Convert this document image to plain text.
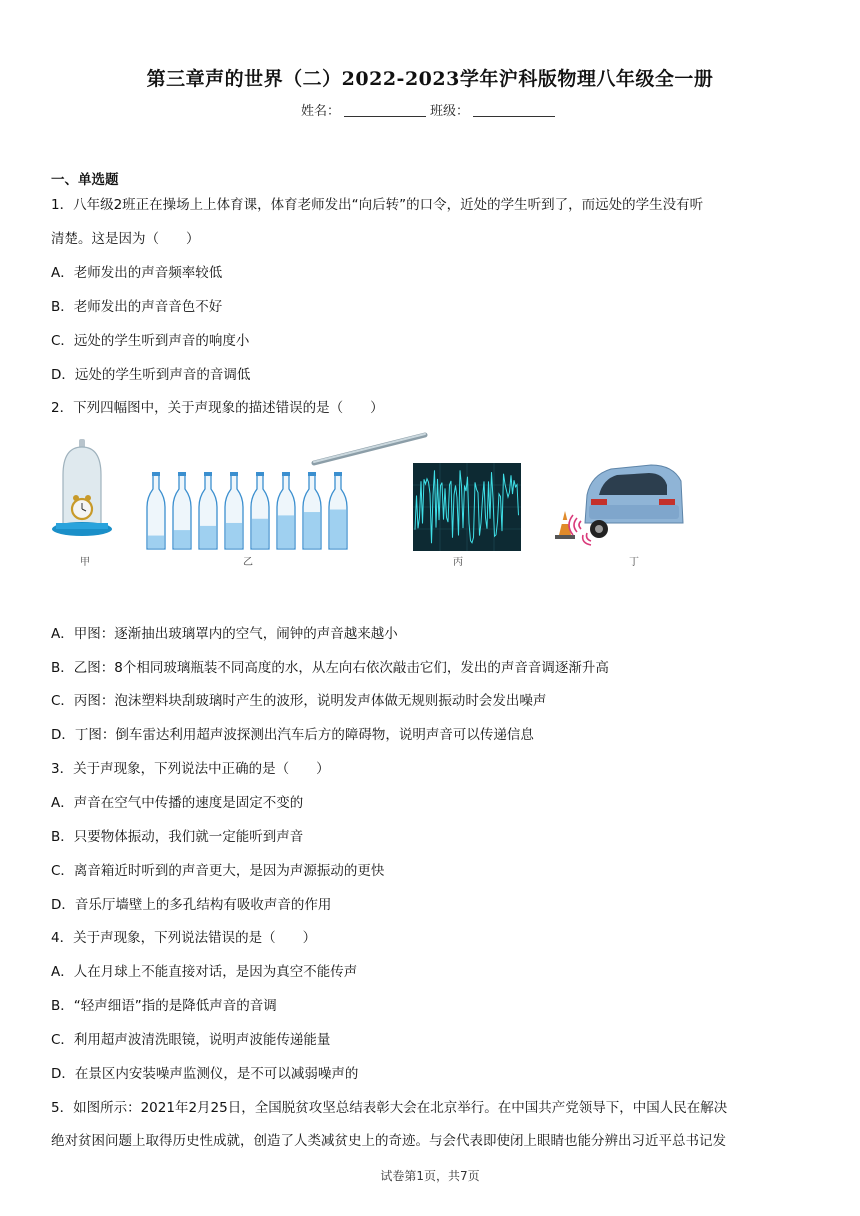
第三章声的世界（二）2022-2023学年沪科版物理八年级全一册
姓名：	班级：
一、单选题
1．八年级2班正在操场上上体育课，体育老师发出“向后转”的口令，近处的学生听到了，而远处的学生没有听
清楚。这是因为（　　）
A．老师发出的声音频率较低
B．老师发出的声音音色不好
C．远处的学生听到声音的响度小
D．远处的学生听到声音的音调低
2．下列四幅图中，关于声现象的描述错误的是（　　）
甲	乙	丙	丁
A．甲图：逐渐抽出玻璃罩内的空气，闹钟的声音越来越小
B．乙图：8个相同玻璃瓶装不同高度的水，从左向右依次敲击它们，发出的声音音调逐渐升高
C．丙图：泡沫塑料块刮玻璃时产生的波形，说明发声体做无规则振动时会发出噪声
D．丁图：倒车雷达利用超声波探测出汽车后方的障碍物，说明声音可以传递信息
3．关于声现象，下列说法中正确的是（　　）
A．声音在空气中传播的速度是固定不变的
B．只要物体振动，我们就一定能听到声音
C．离音箱近时听到的声音更大，是因为声源振动的更快
D．音乐厅墙壁上的多孔结构有吸收声音的作用
4．关于声现象，下列说法错误的是（　　）
A．人在月球上不能直接对话，是因为真空不能传声
B．“轻声细语”指的是降低声音的音调
C．利用超声波清洗眼镜，说明声波能传递能量
D．在景区内安装噪声监测仪，是不可以减弱噪声的
5．如图所示：2021年2月25日，全国脱贫攻坚总结表彰大会在北京举行。在中国共产党领导下，中国人民在解决
绝对贫困问题上取得历史性成就，创造了人类减贫史上的奇迹。与会代表即使闭上眼睛也能分辨出习近平总书记发
试卷第1页，共7页
